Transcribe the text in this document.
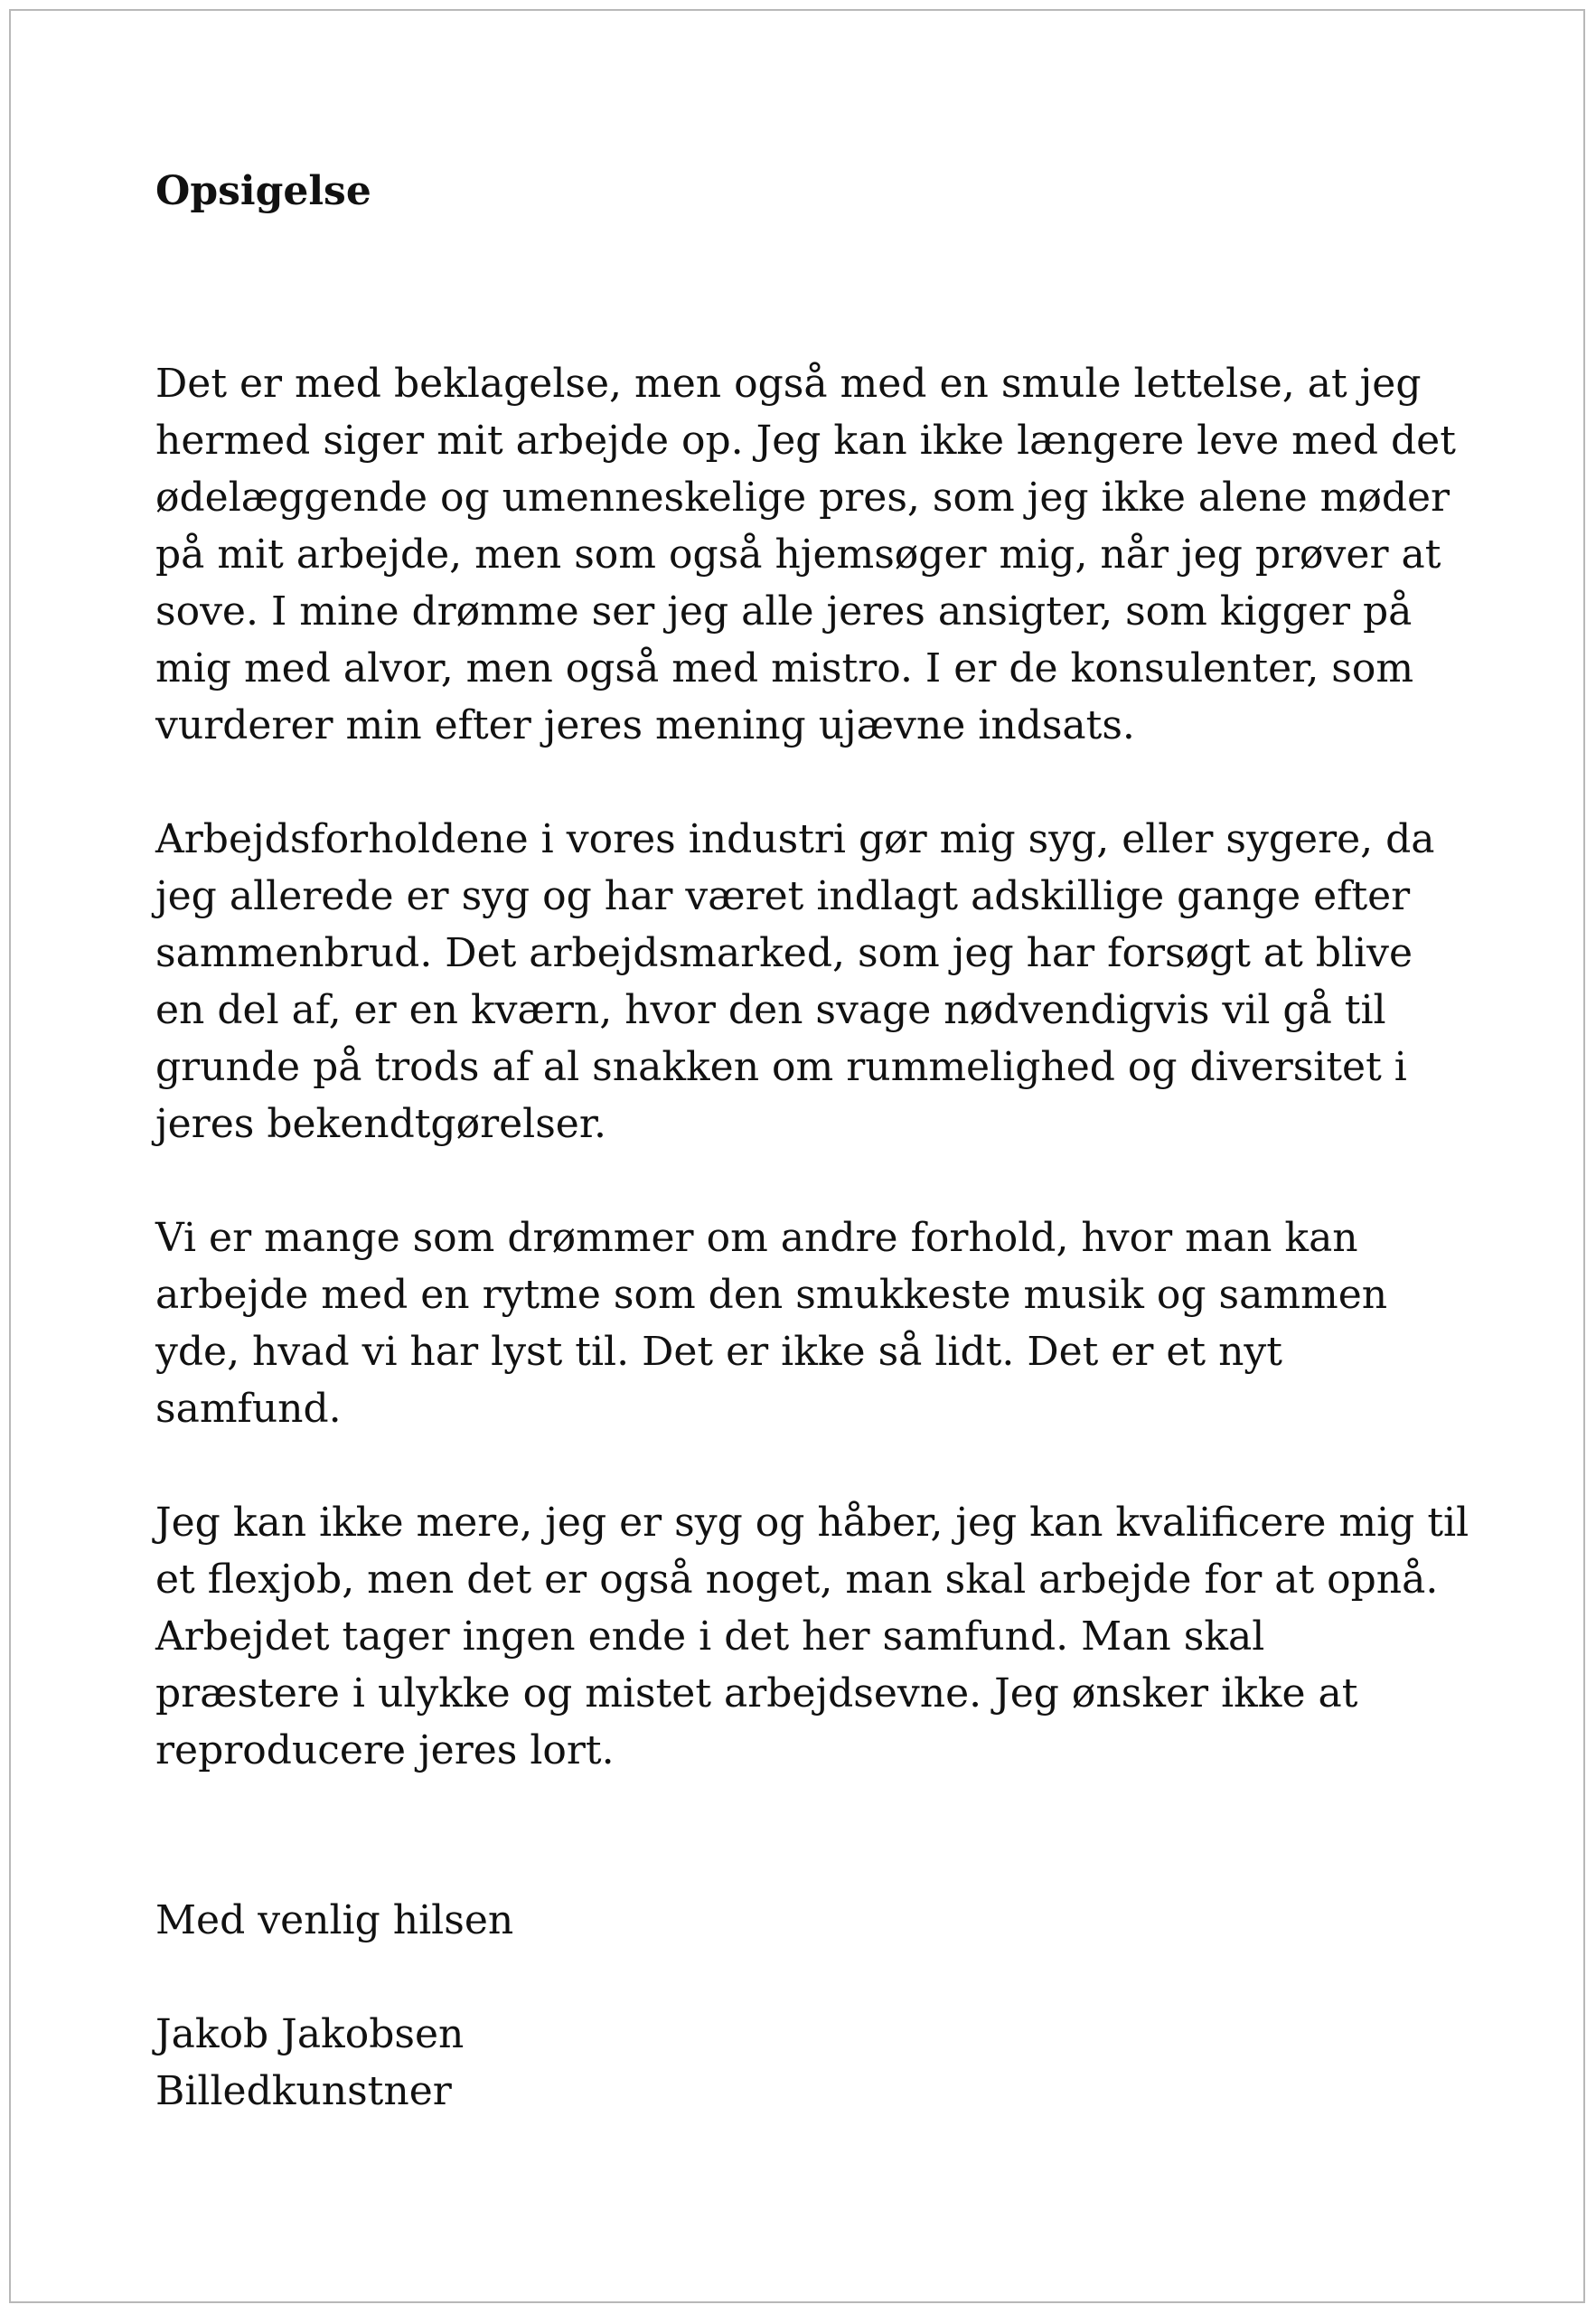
Opsigelse
Det er med beklagelse, men også med en smule lettelse, at jeg
hermed siger mit arbejde op. Jeg kan ikke længere leve med det
ødelæggende og umenneskelige pres, som jeg ikke alene møder
på mit arbejde, men som også hjemsøger mig, når jeg prøver at
sove. I mine drømme ser jeg alle jeres ansigter, som kigger på
mig med alvor, men også med mistro. I er de konsulenter, som
vurderer min efter jeres mening ujævne indsats.
Arbejdsforholdene i vores industri gør mig syg, eller sygere, da
jeg allerede er syg og har været indlagt adskillige gange efter
sammenbrud. Det arbejdsmarked, som jeg har forsøgt at blive
en del af, er en kværn, hvor den svage nødvendigvis vil gå til
grunde på trods af al snakken om rummelighed og diversitet i
jeres bekendtgørelser.
Vi er mange som drømmer om andre forhold, hvor man kan
arbejde med en rytme som den smukkeste musik og sammen
yde, hvad vi har lyst til. Det er ikke så lidt. Det er et nyt
samfund.
Jeg kan ikke mere, jeg er syg og håber, jeg kan kvalificere mig til
et flexjob, men det er også noget, man skal arbejde for at opnå.
Arbejdet tager ingen ende i det her samfund. Man skal
præstere i ulykke og mistet arbejdsevne. Jeg ønsker ikke at
reproducere jeres lort.
Med venlig hilsen
Jakob Jakobsen
Billedkunstner
